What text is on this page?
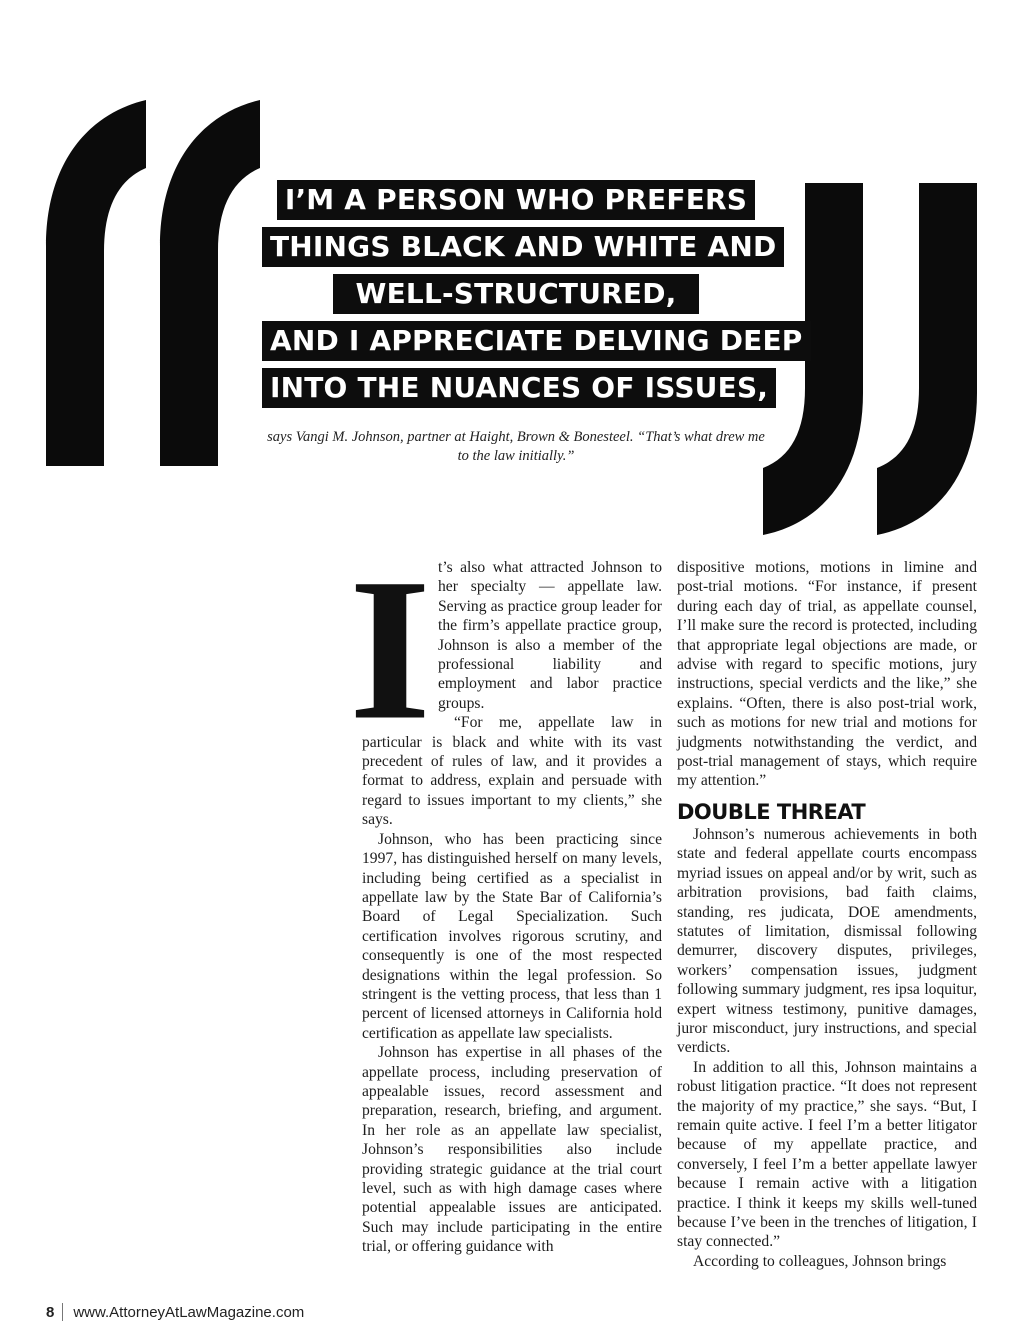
I’M A PERSON WHO PREFERS
THINGS BLACK AND WHITE AND
WELL-STRUCTURED,
AND I APPRECIATE DELVING DEEP
INTO THE NUANCES OF ISSUES,
says Vangi M. Johnson, partner at Haight, Brown & Bonesteel. “That’s what drew me to the law initially.”
I t’s also what attracted Johnson to her specialty — appellate law. Serving as practice group leader for the firm’s appellate practice group, Johnson is also a member of the professional liability and employment and labor practice groups.

“For me, appellate law in particular is black and white with its vast precedent of rules of law, and it provides a format to address, explain and persuade with regard to issues important to my clients,” she says.

Johnson, who has been practicing since 1997, has distinguished herself on many levels, including being certified as a specialist in appellate law by the State Bar of California’s Board of Legal Specialization. Such certification involves rigorous scrutiny, and consequently is one of the most respected designations within the legal profession. So stringent is the vetting process, that less than 1 percent of licensed attorneys in California hold certification as appellate law specialists.

Johnson has expertise in all phases of the appellate process, including preservation of appealable issues, record assessment and preparation, research, briefing, and argument. In her role as an appellate law specialist, Johnson’s responsibilities also include providing strategic guidance at the trial court level, such as with high damage cases where potential appealable issues are anticipated. Such may include participating in the entire trial, or offering guidance with

dispositive motions, motions in limine and post-trial motions. “For instance, if present during each day of trial, as appellate counsel, I’ll make sure the record is protected, including that appropriate legal objections are made, or advise with regard to specific motions, jury instructions, special verdicts and the like,” she explains. “Often, there is also post-trial work, such as motions for new trial and motions for judgments notwithstanding the verdict, and post-trial management of stays, which require my attention.”

DOUBLE THREAT

Johnson’s numerous achievements in both state and federal appellate courts encompass myriad issues on appeal and/or by writ, such as arbitration provisions, bad faith claims, standing, res judicata, DOE amendments, statutes of limitation, dismissal following demurrer, discovery disputes, privileges, workers’ compensation issues, judgment following summary judgment, res ipsa loquitur, expert witness testimony, punitive damages, juror misconduct, jury instructions, and special verdicts.

In addition to all this, Johnson maintains a robust litigation practice. “It does not represent the majority of my practice,” she says. “But, I remain quite active. I feel I’m a better litigator because of my appellate practice, and conversely, I feel I’m a better appellate lawyer because I remain active with a litigation practice. I think it keeps my skills well-tuned because I’ve been in the trenches of litigation, I stay connected.”

According to colleagues, Johnson brings

8 www.AttorneyAtLawMagazine.com
